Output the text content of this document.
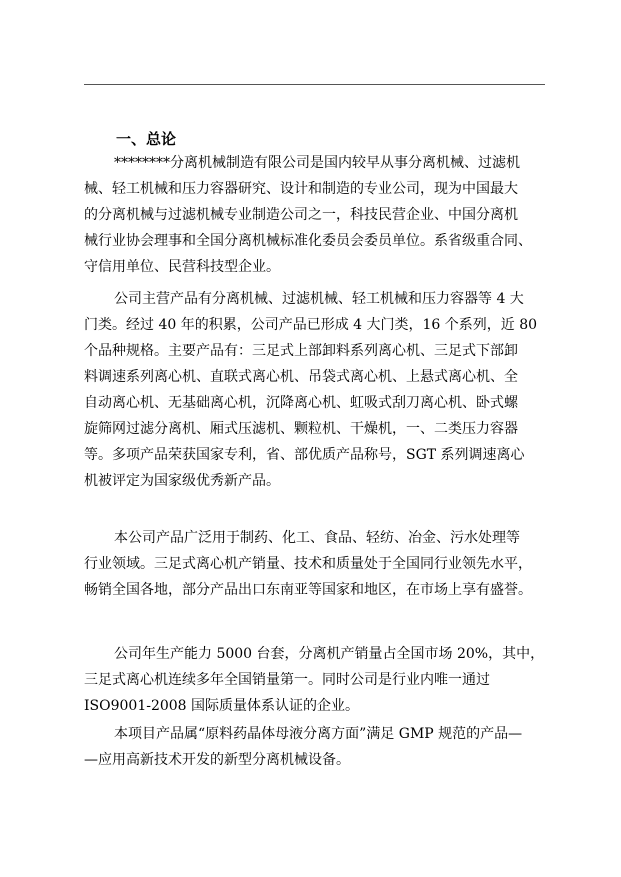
一、总论
********分离机械制造有限公司是国内较早从事分离机械、过滤机
械、轻工机械和压力容器研究、设计和制造的专业公司，现为中国最大
的分离机械与过滤机械专业制造公司之一，科技民营企业、中国分离机
械行业协会理事和全国分离机械标准化委员会委员单位。系省级重合同、
守信用单位、民营科技型企业。
公司主营产品有分离机械、过滤机械、轻工机械和压力容器等 4 大
门类。经过 40 年的积累，公司产品已形成 4 大门类，16 个系列，近 80
个品种规格。主要产品有：三足式上部卸料系列离心机、三足式下部卸
料调速系列离心机、直联式离心机、吊袋式离心机、上悬式离心机、全
自动离心机、无基础离心机，沉降离心机、虹吸式刮刀离心机、卧式螺
旋筛网过滤分离机、厢式压滤机、颗粒机、干燥机，一、二类压力容器
等。多项产品荣获国家专利，省、部优质产品称号，SGT 系列调速离心
机被评定为国家级优秀新产品。
本公司产品广泛用于制药、化工、食品、轻纺、冶金、污水处理等
行业领域。三足式离心机产销量、技术和质量处于全国同行业领先水平，
畅销全国各地，部分产品出口东南亚等国家和地区，在市场上享有盛誉。
公司年生产能力 5000 台套，分离机产销量占全国市场 20%，其中，
三足式离心机连续多年全国销量第一。同时公司是行业内唯一通过
ISO9001-2008 国际质量体系认证的企业。
本项目产品属“原料药晶体母液分离方面”满足 GMP 规范的产品—
—应用高新技术开发的新型分离机械设备。
